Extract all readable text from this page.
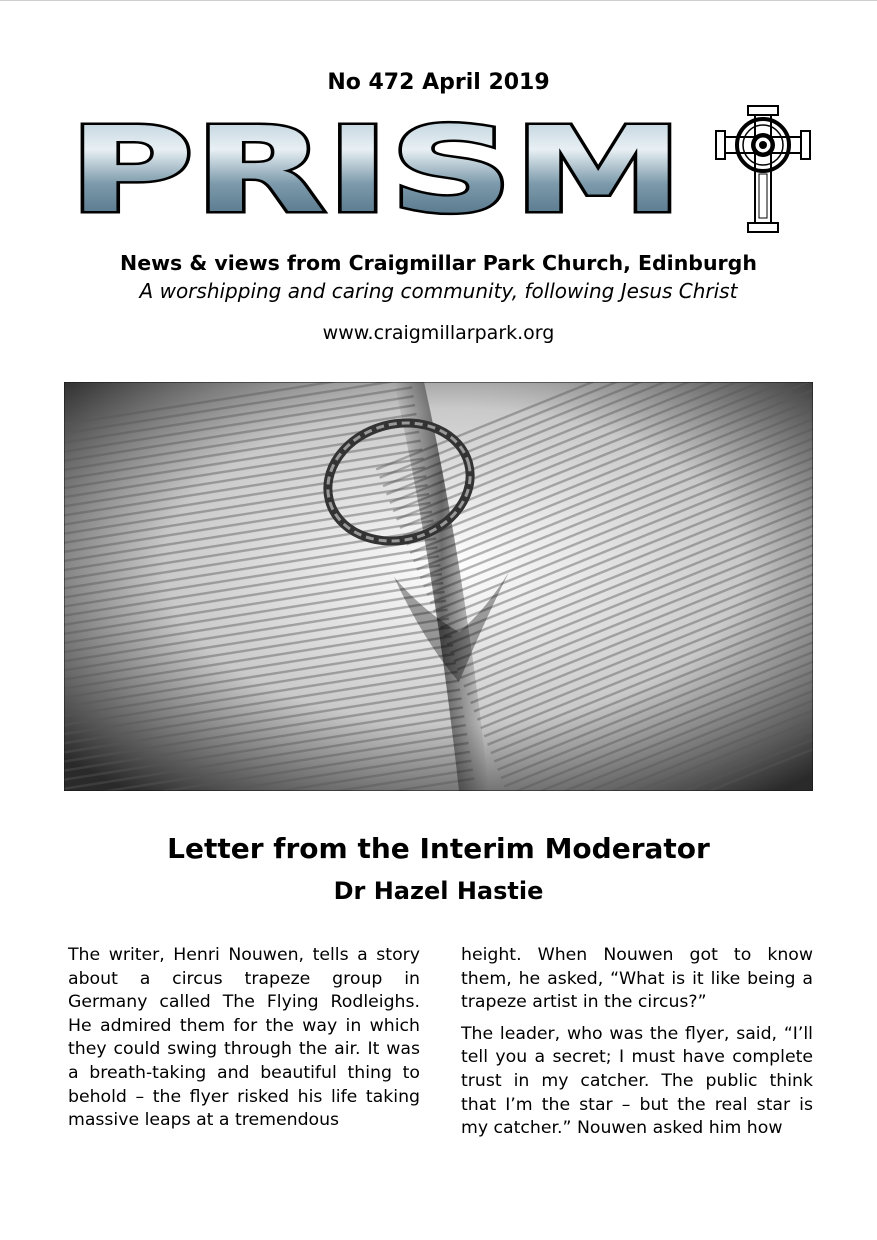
No 472 April 2019
PRISM
News & views from Craigmillar Park Church, Edinburgh
A worshipping and caring community, following Jesus Christ
www.craigmillarpark.org
Letter from the Interim Moderator
Dr Hazel Hastie

The writer, Henri Nouwen, tells a story about a circus trapeze group in Germany called The Flying Rodleighs. He admired them for the way in which they could swing through the air. It was a breath-taking and beautiful thing to behold – the flyer risked his life taking massive leaps at a tremendous

height. When Nouwen got to know them, he asked, “What is it like being a trapeze artist in the circus?”

The leader, who was the flyer, said, “I’ll tell you a secret; I must have complete trust in my catcher. The public think that I’m the star – but the real star is my catcher.” Nouwen asked him how
